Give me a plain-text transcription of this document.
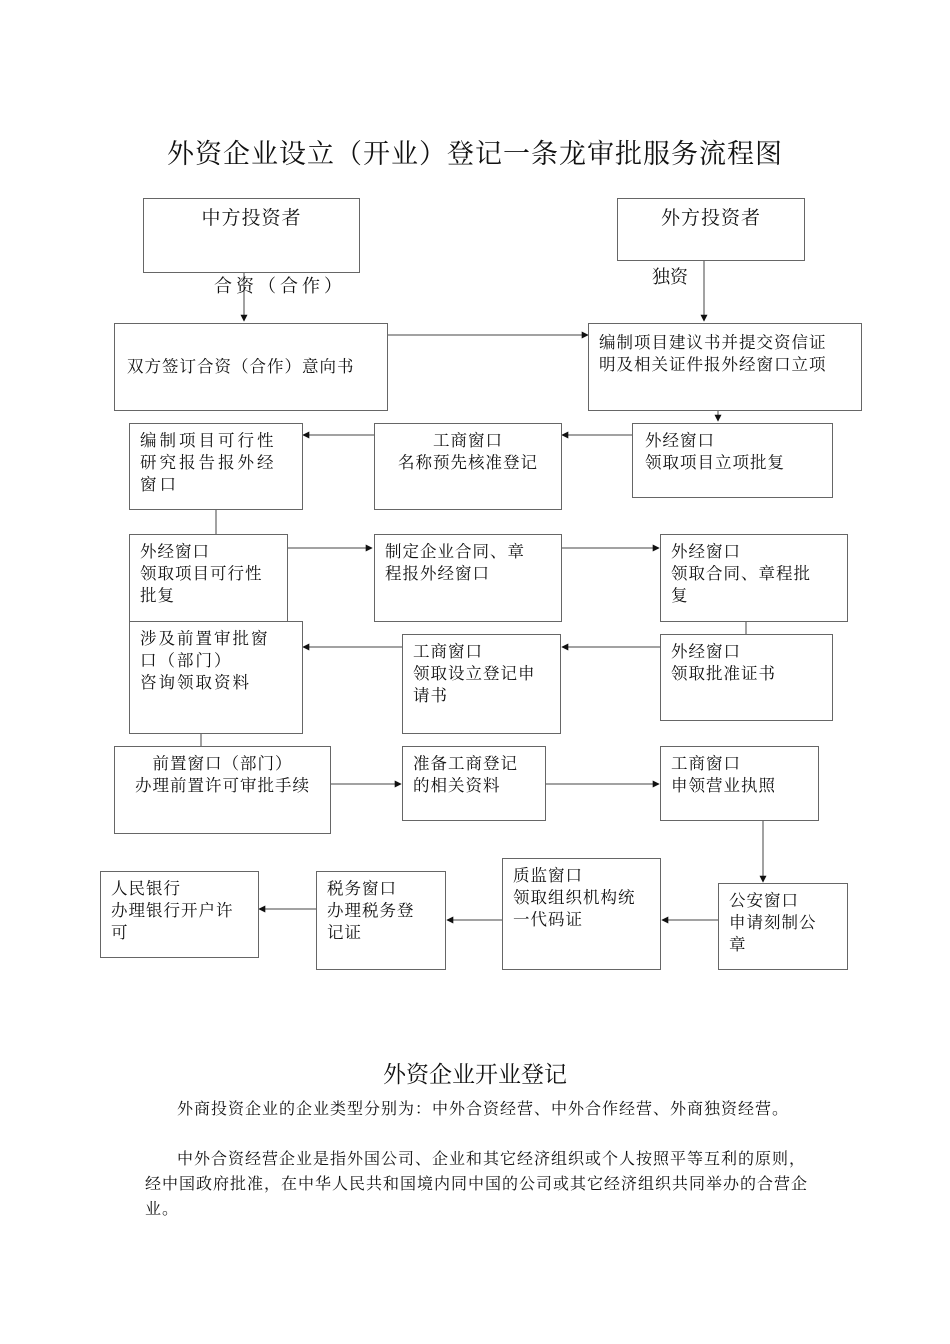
外资企业设立（开业）登记一条龙审批服务流程图
合资（合作）	独资
中方投资者	外方投资者
双方签订合资（合作）意向书
编制项目建议书并提交资信证
明及相关证件报外经窗口立项
编制项目可行性
研究报告报外经
窗口
工商窗口
名称预先核准登记
外经窗口
领取项目立项批复
外经窗口
领取项目可行性
批复
制定企业合同、章
程报外经窗口
外经窗口
领取合同、章程批
复
涉及前置审批窗
口（部门）
咨询领取资料
工商窗口
领取设立登记申
请书
外经窗口
领取批准证书
前置窗口（部门）
办理前置许可审批手续
准备工商登记
的相关资料
工商窗口
申领营业执照
人民银行
办理银行开户许
可
税务窗口
办理税务登
记证
质监窗口
领取组织机构统
一代码证
公安窗口
申请刻制公
章
外资企业开业登记
外商投资企业的企业类型分别为：中外合资经营、中外合作经营、外商独资经营。
中外合资经营企业是指外国公司、企业和其它经济组织或个人按照平等互利的原则，经中国政府批准，在中华人民共和国境内同中国的公司或其它经济组织共同举办的合营企业。
